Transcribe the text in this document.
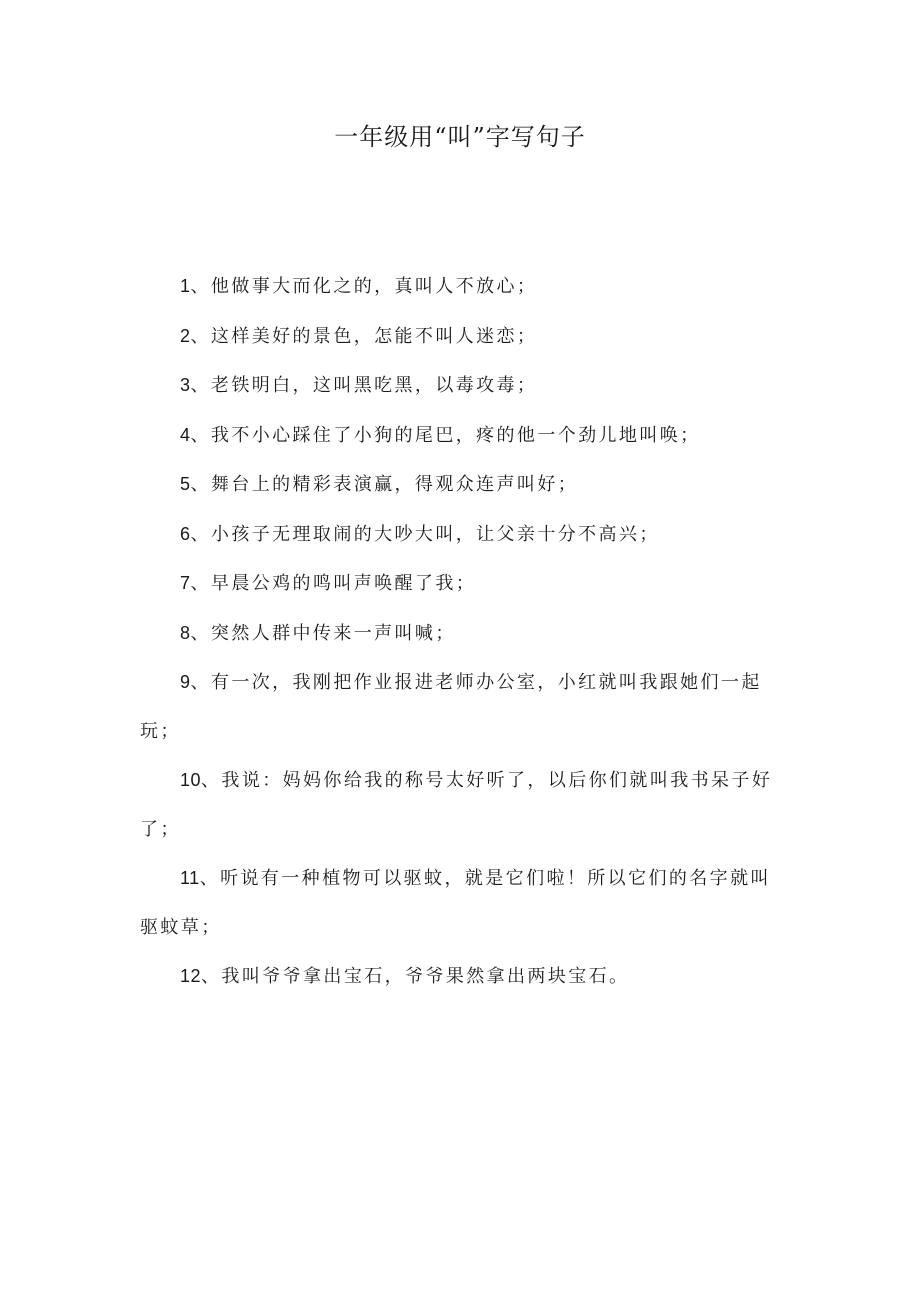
一年级用“叫”字写句子
1、他做事大而化之的，真叫人不放心；
2、这样美好的景色，怎能不叫人迷恋；
3、老铁明白，这叫黑吃黑，以毒攻毒；
4、我不小心踩住了小狗的尾巴，疼的他一个劲儿地叫唤；
5、舞台上的精彩表演赢，得观众连声叫好；
6、小孩子无理取闹的大吵大叫，让父亲十分不高兴；
7、早晨公鸡的鸣叫声唤醒了我；
8、突然人群中传来一声叫喊；
9、有一次，我刚把作业报进老师办公室，小红就叫我跟她们一起玩；
10、我说：妈妈你给我的称号太好听了，以后你们就叫我书呆子好了；
11、听说有一种植物可以驱蚊，就是它们啦！所以它们的名字就叫驱蚊草；
12、我叫爷爷拿出宝石，爷爷果然拿出两块宝石。
